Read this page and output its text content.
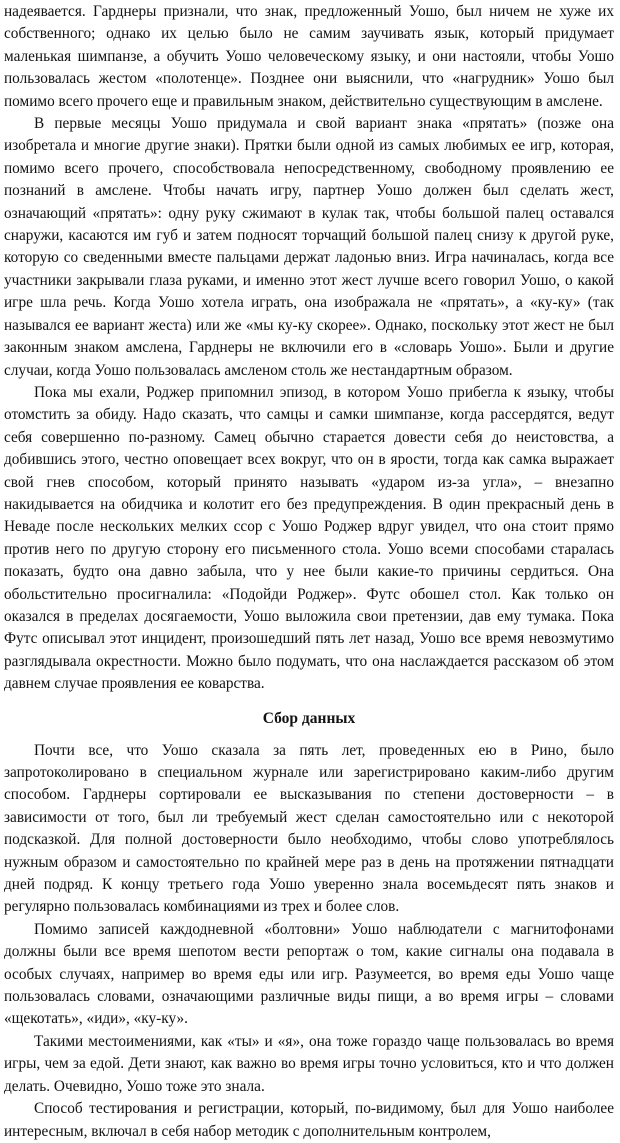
надеявается. Гарднеры признали, что знак, предложенный Уошо, был ничем не хуже их собственного; однако их целью было не самим заучивать язык, который придумает маленькая шимпанзе, а обучить Уошо человеческому языку, и они настояли, чтобы Уошо пользовалась жестом «полотенце». Позднее они выяснили, что «нагрудник» Уошо был помимо всего прочего еще и правильным знаком, действительно существующим в амслене.

В первые месяцы Уошо придумала и свой вариант знака «прятать» (позже она изобретала и многие другие знаки). Прятки были одной из самых любимых ее игр, которая, помимо всего прочего, способствовала непосредственному, свободному проявлению ее познаний в амслене. Чтобы начать игру, партнер Уошо должен был сделать жест, означающий «прятать»: одну руку сжимают в кулак так, чтобы большой палец оставался снаружи, касаются им губ и затем подносят торчащий большой палец снизу к другой руке, которую со сведенными вместе пальцами держат ладонью вниз. Игра начиналась, когда все участники закрывали глаза руками, и именно этот жест лучше всего говорил Уошо, о какой игре шла речь. Когда Уошо хотела играть, она изображала не «прятать», а «ку-ку» (так назывался ее вариант жеста) или же «мы ку-ку скорее». Однако, поскольку этот жест не был законным знаком амслена, Гарднеры не включили его в «словарь Уошо». Были и другие случаи, когда Уошо пользовалась амсленом столь же нестандартным образом.

Пока мы ехали, Роджер припомнил эпизод, в котором Уошо прибегла к языку, чтобы отомстить за обиду. Надо сказать, что самцы и самки шимпанзе, когда рассердятся, ведут себя совершенно по-разному. Самец обычно старается довести себя до неистовства, а добившись этого, честно оповещает всех вокруг, что он в ярости, тогда как самка выражает свой гнев способом, который принято называть «ударом из-за угла», – внезапно накидывается на обидчика и колотит его без предупреждения. В один прекрасный день в Неваде после нескольких мелких ссор с Уошо Роджер вдруг увидел, что она стоит прямо против него по другую сторону его письменного стола. Уошо всеми способами старалась показать, будто она давно забыла, что у нее были какие-то причины сердиться. Она обольстительно просигналила: «Подойди Роджер». Футс обошел стол. Как только он оказался в пределах досягаемости, Уошо выложила свои претензии, дав ему тумака. Пока Футс описывал этот инцидент, произошедший пять лет назад, Уошо все время невозмутимо разглядывала окрестности. Можно было подумать, что она наслаждается рассказом об этом давнем случае проявления ее коварства.

Сбор данных

Почти все, что Уошо сказала за пять лет, проведенных ею в Рино, было запротоколировано в специальном журнале или зарегистрировано каким-либо другим способом. Гарднеры сортировали ее высказывания по степени достоверности – в зависимости от того, был ли требуемый жест сделан самостоятельно или с некоторой подсказкой. Для полной достоверности было необходимо, чтобы слово употреблялось нужным образом и самостоятельно по крайней мере раз в день на протяжении пятнадцати дней подряд. К концу третьего года Уошо уверенно знала восемьдесят пять знаков и регулярно пользовалась комбинациями из трех и более слов.

Помимо записей каждодневной «болтовни» Уошо наблюдатели с магнитофонами должны были все время шепотом вести репортаж о том, какие сигналы она подавала в особых случаях, например во время еды или игр. Разумеется, во время еды Уошо чаще пользовалась словами, означающими различные виды пищи, а во время игры – словами «щекотать», «иди», «ку-ку».

Такими местоимениями, как «ты» и «я», она тоже гораздо чаще пользовалась во время игры, чем за едой. Дети знают, как важно во время игры точно условиться, кто и что должен делать. Очевидно, Уошо тоже это знала.

Способ тестирования и регистрации, который, по-видимому, был для Уошо наиболее интересным, включал в себя набор методик с дополнительным контролем,
